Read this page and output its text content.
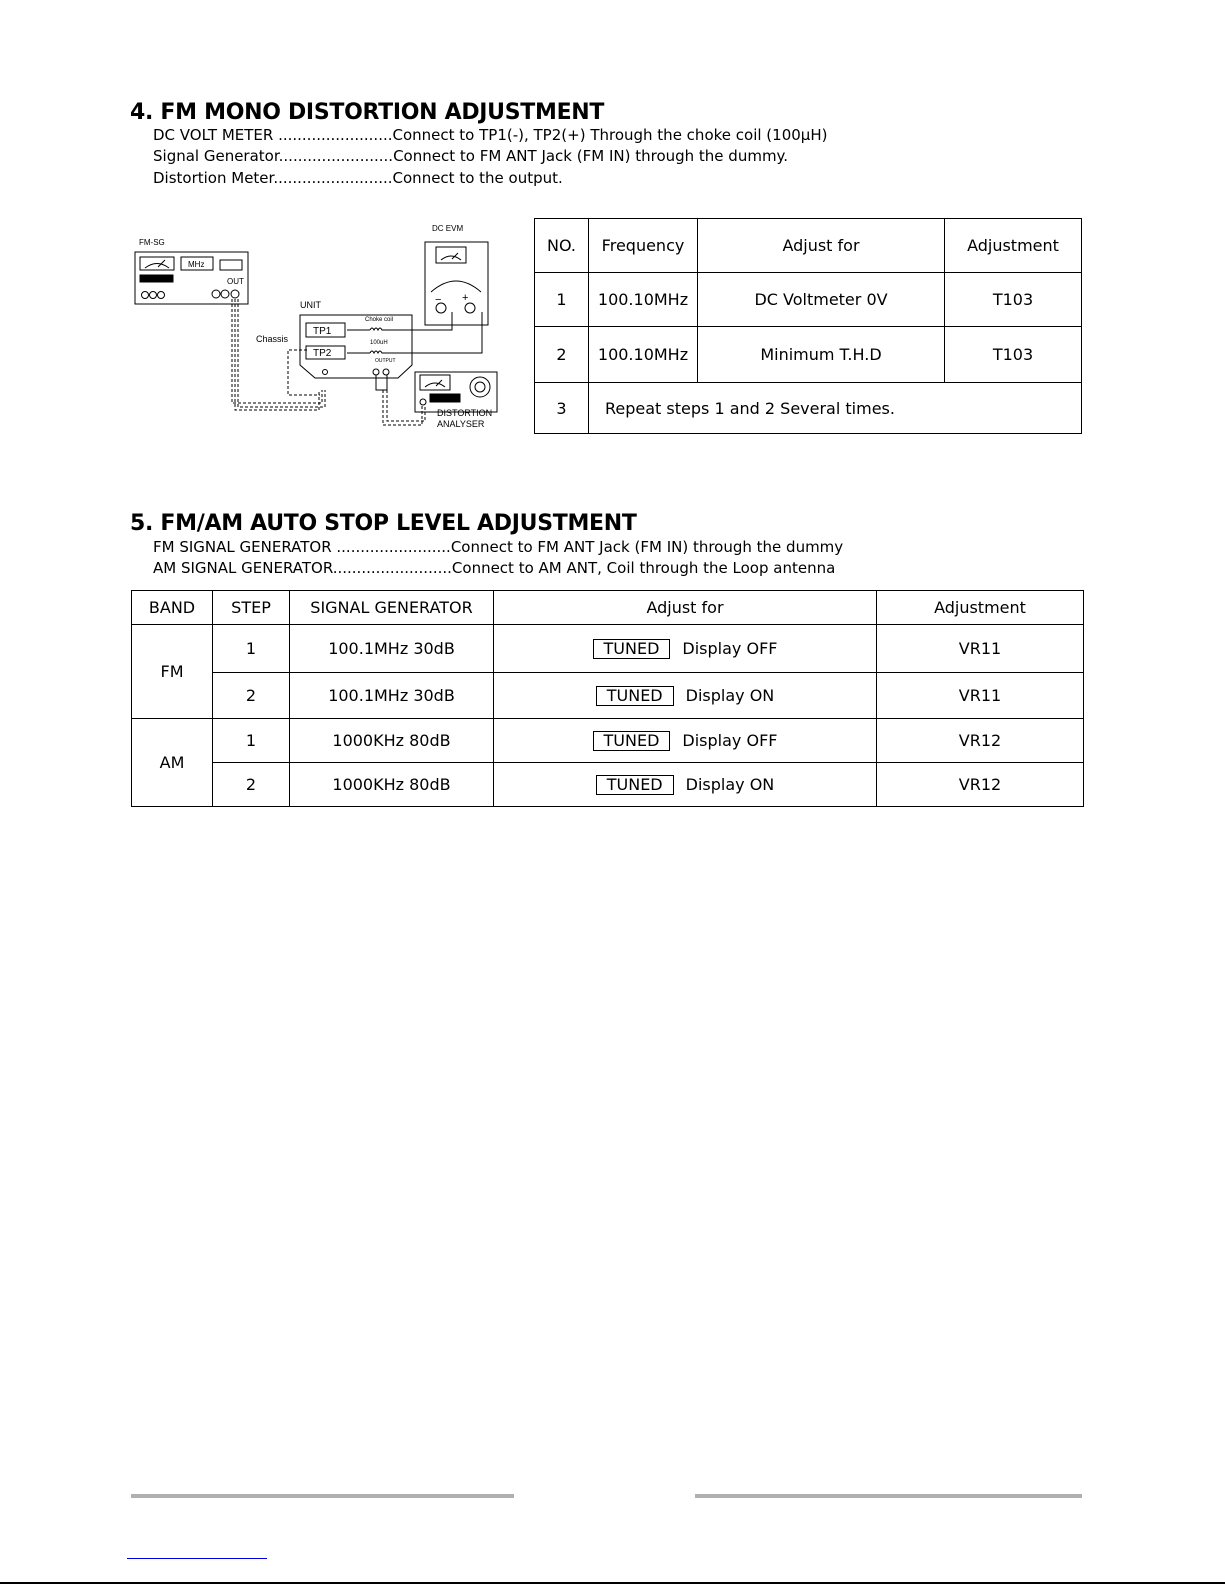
4. FM MONO DISTORTION ADJUSTMENT
DC VOLT METER ........................Connect to TP1(-), TP2(+) Through the choke coil (100μH)
Signal Generator........................Connect to FM ANT Jack (FM IN) through the dummy.
Distortion Meter.........................Connect to the output.
FM-SG
MHz
OUT
Chassis
UNIT
TP1
TP2
Choke coil
100uH
OUTPUT
DC EVM
− +
DISTORTION
ANALYSER
NO.	Frequency	Adjust for	Adjustment
1	100.10MHz	DC Voltmeter 0V	T103
2	100.10MHz	Minimum T.H.D	T103
3	Repeat steps 1 and 2 Several times.		
5. FM/AM AUTO STOP LEVEL ADJUSTMENT
FM SIGNAL GENERATOR ........................Connect to FM ANT Jack (FM IN) through the dummy
AM SIGNAL GENERATOR.........................Connect to AM ANT, Coil through the Loop antenna
BAND	STEP	SIGNAL GENERATOR	Adjust for	Adjustment
FM	1	100.1MHz 30dB	TUNED Display OFF	VR11
	2	100.1MHz 30dB	TUNED Display ON	VR11
AM	1	1000KHz 80dB	TUNED Display OFF	VR12
	2	1000KHz 80dB	TUNED Display ON	VR12
